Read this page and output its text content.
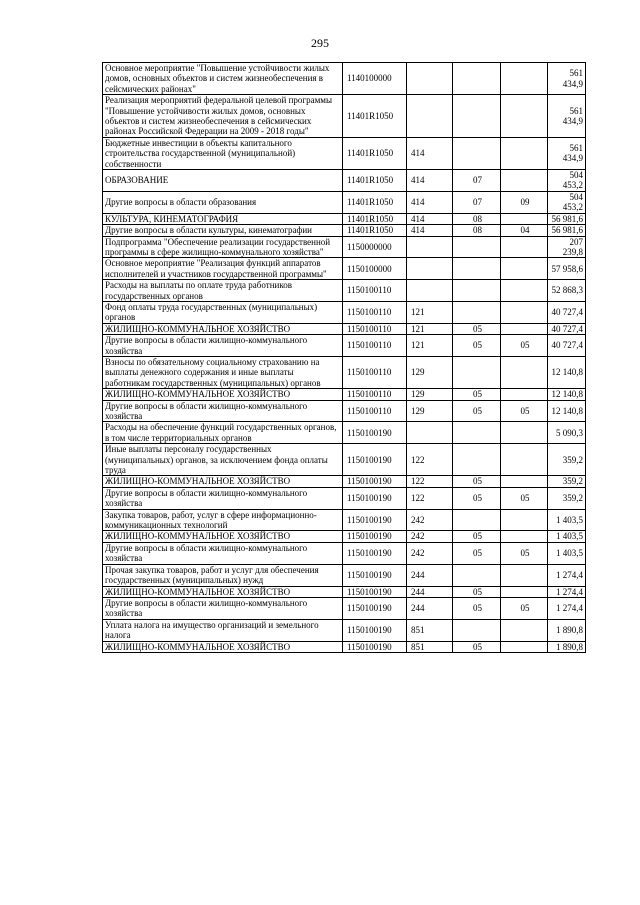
295
Основное мероприятие "Повышение устойчивости жилых домов, основных объектов и систем жизнеобеспечения в сейсмических районах"	1140100000				561 434,9
Реализация мероприятий федеральной целевой программы "Повышение устойчивости жилых домов, основных объектов и систем жизнеобеспечения в сейсмических районах Российской Федерации на 2009 - 2018 годы"	11401R1050				561 434,9
Бюджетные инвестиции в объекты капитального строительства государственной (муниципальной) собственности	11401R1050	414			561 434,9
ОБРАЗОВАНИЕ	11401R1050	414	07		504 453,2
Другие вопросы в области образования	11401R1050	414	07	09	504 453,2
КУЛЬТУРА, КИНЕМАТОГРАФИЯ	11401R1050	414	08		56 981,6
Другие вопросы в области культуры, кинематографии	11401R1050	414	08	04	56 981,6
Подпрограмма "Обеспечение реализации государственной программы в сфере жилищно-коммунального хозяйства"	1150000000				207 239,8
Основное мероприятие "Реализация функций аппаратов исполнителей и участников государственной программы"	1150100000				57 958,6
Расходы на выплаты по оплате труда работников государственных органов	1150100110				52 868,3
Фонд оплаты труда государственных (муниципальных) органов	1150100110	121			40 727,4
ЖИЛИЩНО-КОММУНАЛЬНОЕ ХОЗЯЙСТВО	1150100110	121	05		40 727,4
Другие вопросы в области жилищно-коммунального хозяйства	1150100110	121	05	05	40 727,4
Взносы по обязательному социальному страхованию на выплаты денежного содержания и иные выплаты работникам государственных (муниципальных) органов	1150100110	129			12 140,8
ЖИЛИЩНО-КОММУНАЛЬНОЕ ХОЗЯЙСТВО	1150100110	129	05		12 140,8
Другие вопросы в области жилищно-коммунального хозяйства	1150100110	129	05	05	12 140,8
Расходы на обеспечение функций государственных органов, в том числе территориальных органов	1150100190				5 090,3
Иные выплаты персоналу государственных (муниципальных) органов, за исключением фонда оплаты труда	1150100190	122			359,2
ЖИЛИЩНО-КОММУНАЛЬНОЕ ХОЗЯЙСТВО	1150100190	122	05		359,2
Другие вопросы в области жилищно-коммунального хозяйства	1150100190	122	05	05	359,2
Закупка товаров, работ, услуг в сфере информационно-коммуникационных технологий	1150100190	242			1 403,5
ЖИЛИЩНО-КОММУНАЛЬНОЕ ХОЗЯЙСТВО	1150100190	242	05		1 403,5
Другие вопросы в области жилищно-коммунального хозяйства	1150100190	242	05	05	1 403,5
Прочая закупка товаров, работ и услуг для обеспечения государственных (муниципальных) нужд	1150100190	244			1 274,4
ЖИЛИЩНО-КОММУНАЛЬНОЕ ХОЗЯЙСТВО	1150100190	244	05		1 274,4
Другие вопросы в области жилищно-коммунального хозяйства	1150100190	244	05	05	1 274,4
Уплата налога на имущество организаций и земельного налога	1150100190	851			1 890,8
ЖИЛИЩНО-КОММУНАЛЬНОЕ ХОЗЯЙСТВО	1150100190	851	05		1 890,8
